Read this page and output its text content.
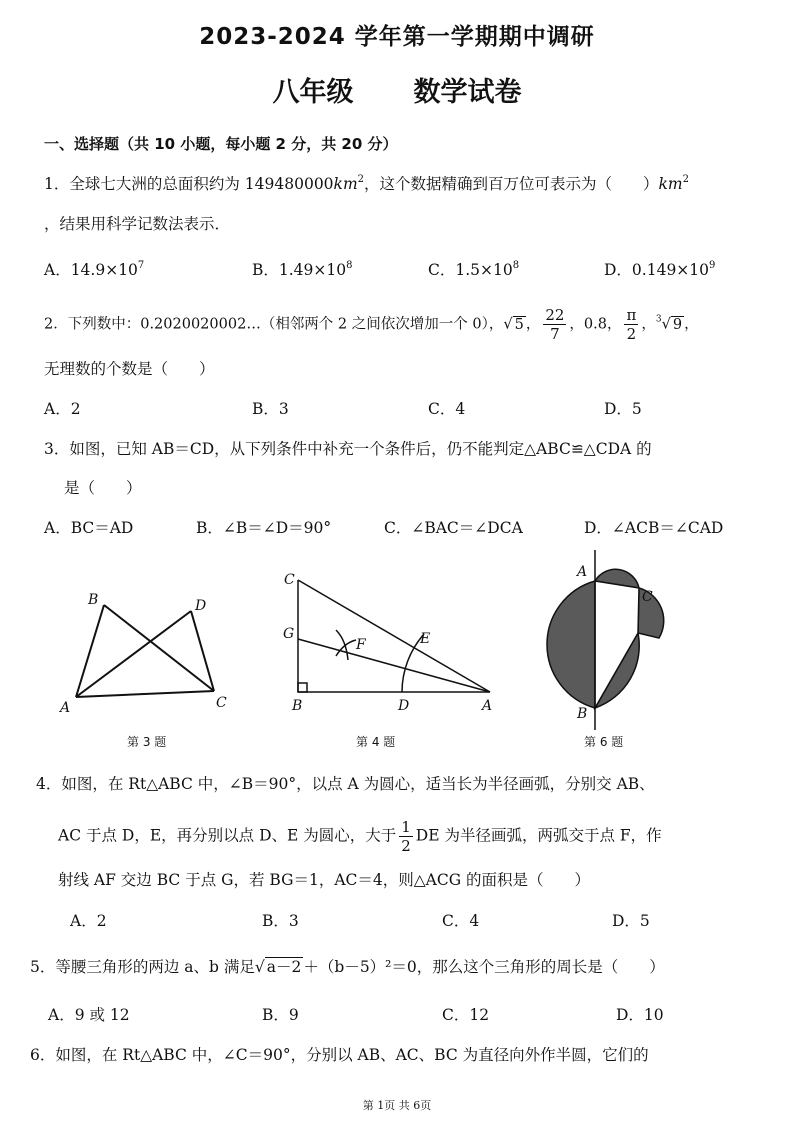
2023-2024 学年第一学期期中调研
八年级 数学试卷
一、选择题（共 10 小题，每小题 2 分，共 20 分）
1．全球七大洲的总面积约为 $149480000km^2$，这个数据精确到百万位可表示为（　　）$km^2$
，结果用科学记数法表示．
A．$14.9\times 10^7$	B．$1.49\times 10^8$	C．$1.5\times 10^8$	D．$0.149\times 10^9$
2．下列数中：0.2020020002…（相邻两个 2 之间依次增加一个 0），√ 5 ， $\frac{22}{7}$ ，0.8， $\frac{\pi}{2}$ ，$^3$√ 9 ，
无理数的个数是（　　）
A．2	B．3	C．4	D．5
3．如图，已知 AB＝CD，从下列条件中补充一个条件后，仍不能判定△ABC≌△CDA 的
是（　　）
A．BC＝AD	B．∠B＝∠D＝90°	C．∠BAC＝∠DCA	D．∠ACB＝∠CAD
B	D
A	C
第 3 题
C
G
F	E
B	D	A
第 4 题
A
C
B
第 6 题
4．如图，在 Rt△ABC 中，∠B＝90°，以点 A 为圆心，适当长为半径画弧，分别交 AB、
AC 于点 D，E，再分别以点 D、E 为圆心，大于 $\frac{1}{2}$ DE 为半径画弧，两弧交于点 F，作
射线 AF 交边 BC 于点 G，若 BG＝1，AC＝4，则△ACG 的面积是（　　）
A．2	B．3	C．4	D．5
5．等腰三角形的两边 a、b 满足√ a－2 ＋（b－5）²＝0，那么这个三角形的周长是（　　）
A．9 或 12	B．9	C．12	D．10
6．如图，在 Rt△ABC 中，∠C＝90°，分别以 AB、AC、BC 为直径向外作半圆，它们的
第 1页 共 6页
